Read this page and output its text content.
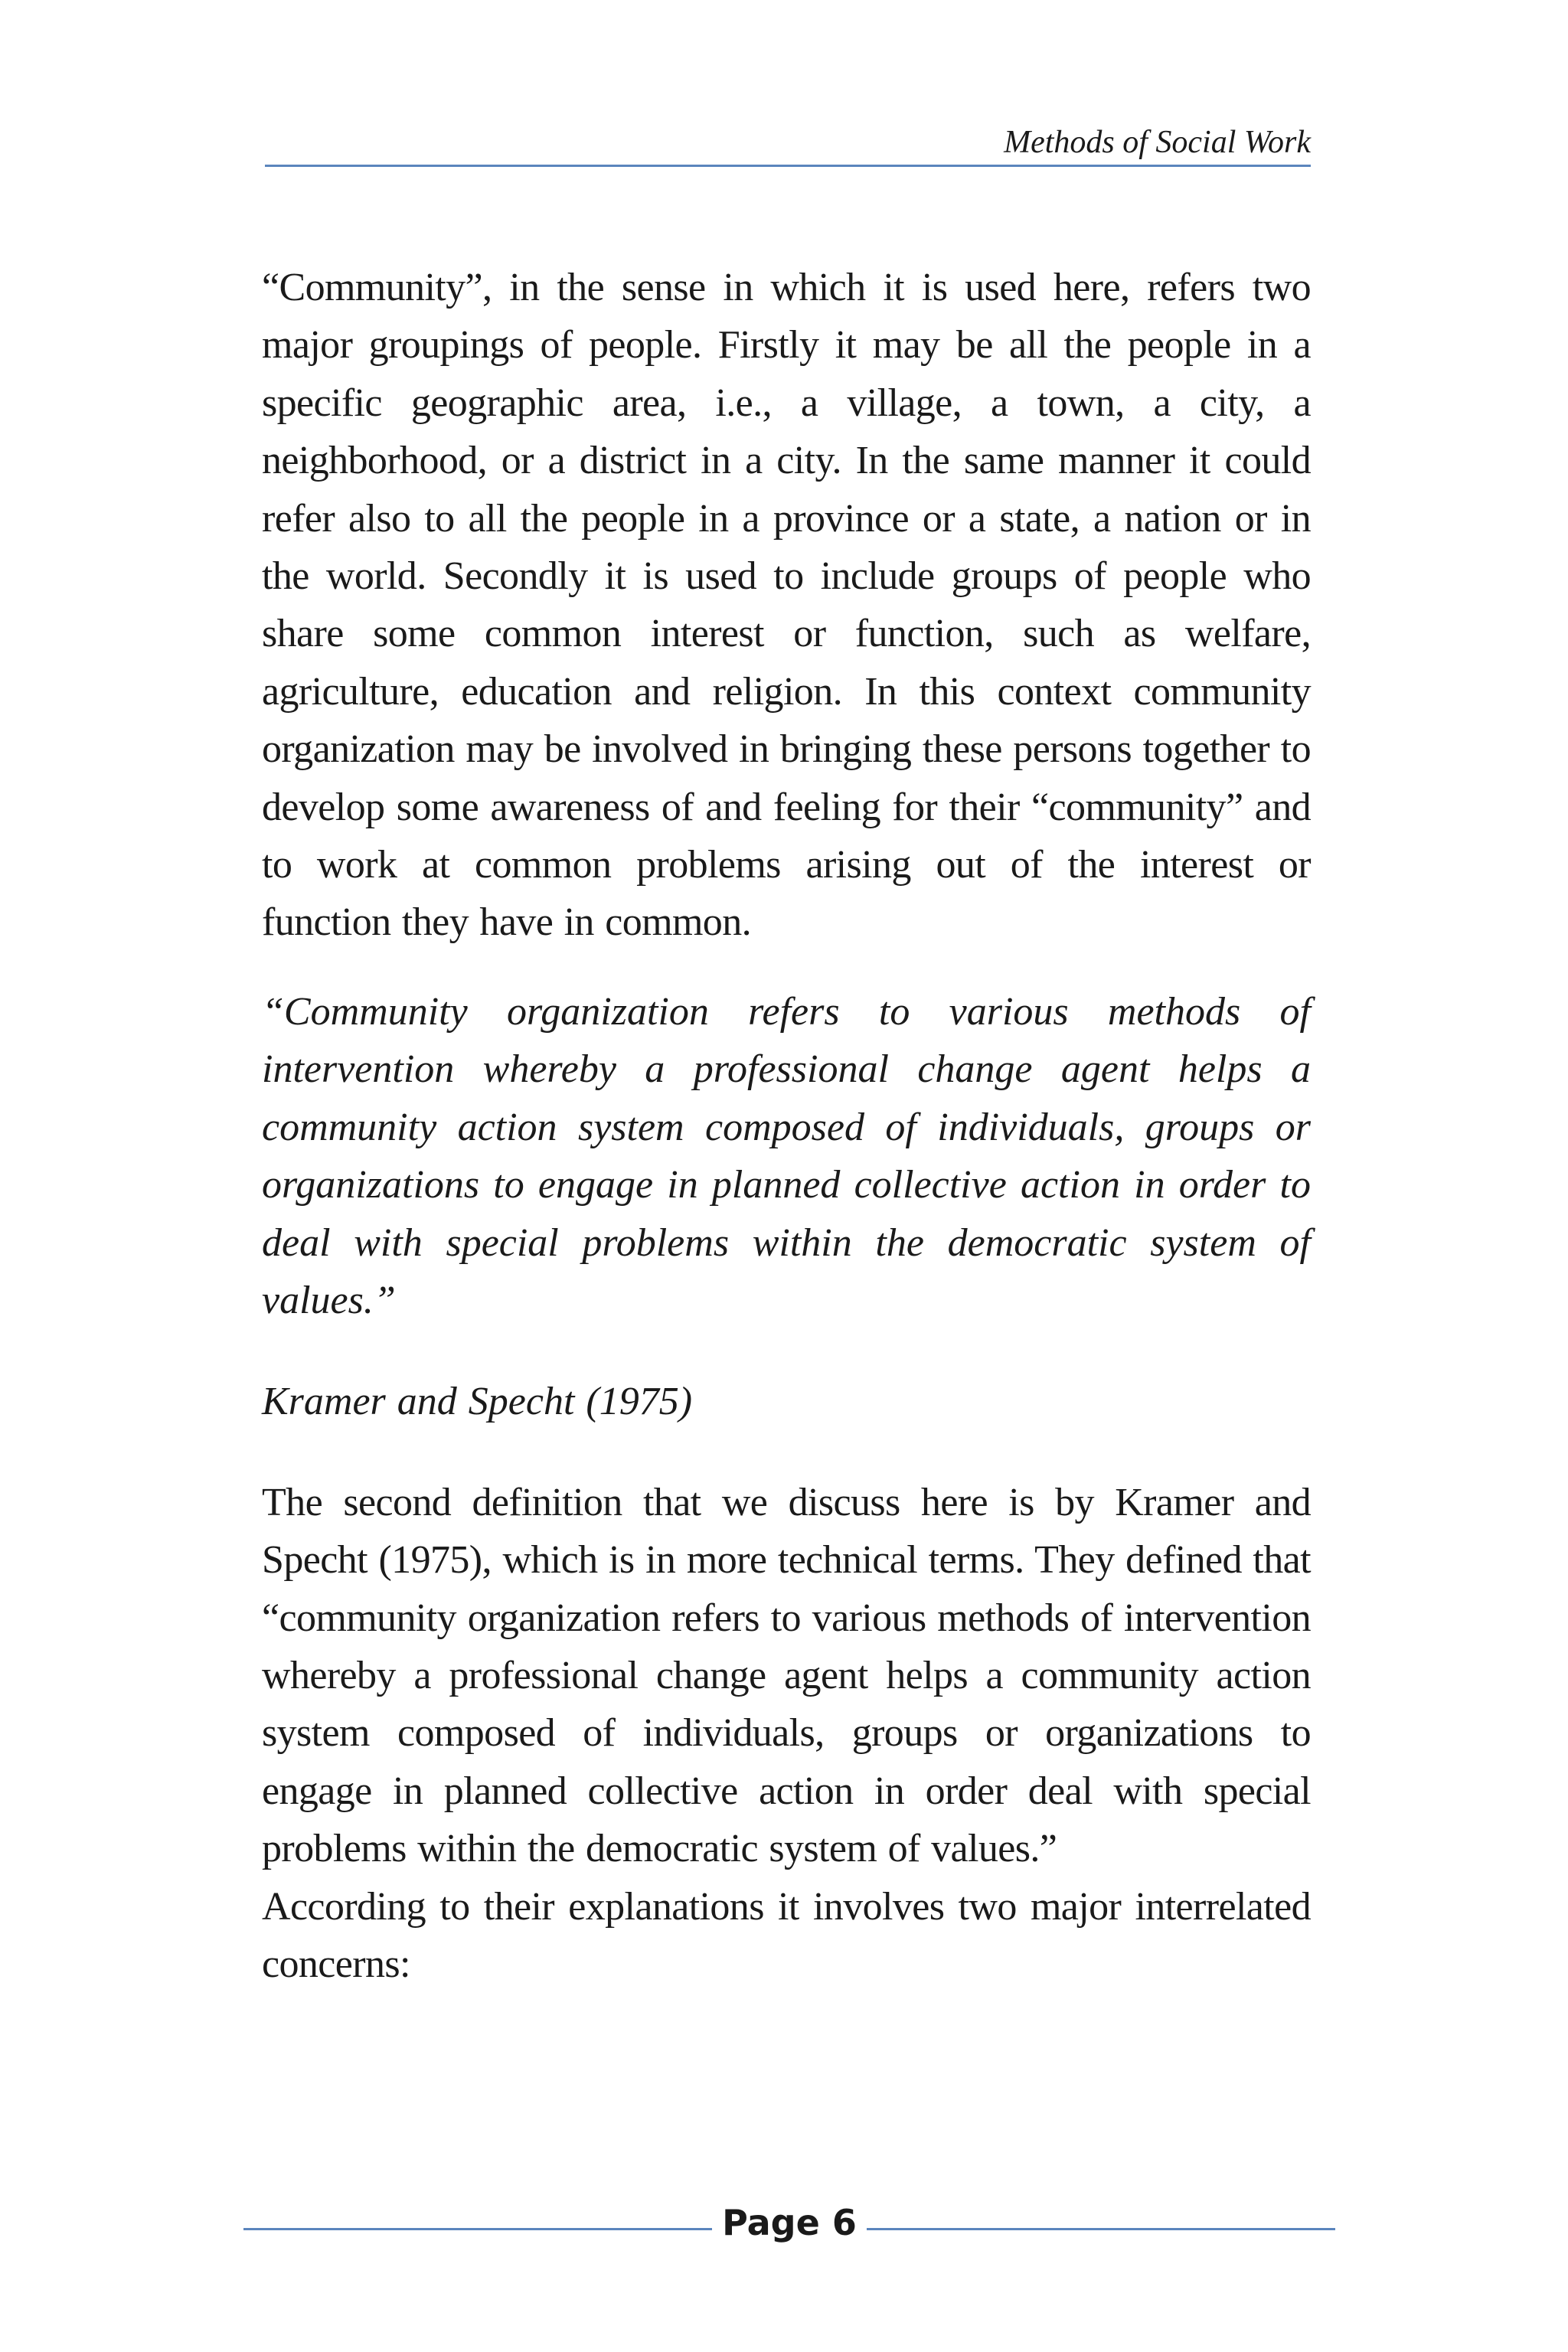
Methods of Social Work

“Community”, in the sense in which it is used here, refers two major groupings of people. Firstly it may be all the people in a specific geographic area, i.e., a village, a town, a city, a neighborhood, or a district in a city. In the same manner it could refer also to all the people in a province or a state, a nation or in the world. Secondly it is used to include groups of people who share some common interest or function, such as welfare, agriculture, education and religion. In this context community organization may be involved in bringing these persons together to develop some awareness of and feeling for their “community” and to work at common problems arising out of the interest or function they have in common.

“Community organization refers to various methods of intervention whereby a professional change agent helps a community action system composed of individuals, groups or organizations to engage in planned collective action in order to deal with special problems within the democratic system of values.”

Kramer and Specht (1975)

The second definition that we discuss here is by Kramer and Specht (1975), which is in more technical terms. They defined that “community organization refers to various methods of intervention whereby a professional change agent helps a community action system composed of individuals, groups or organizations to engage in planned collective action in order deal with special problems within the democratic system of values.”

According to their explanations it involves two major interrelated concerns:

Page 6
